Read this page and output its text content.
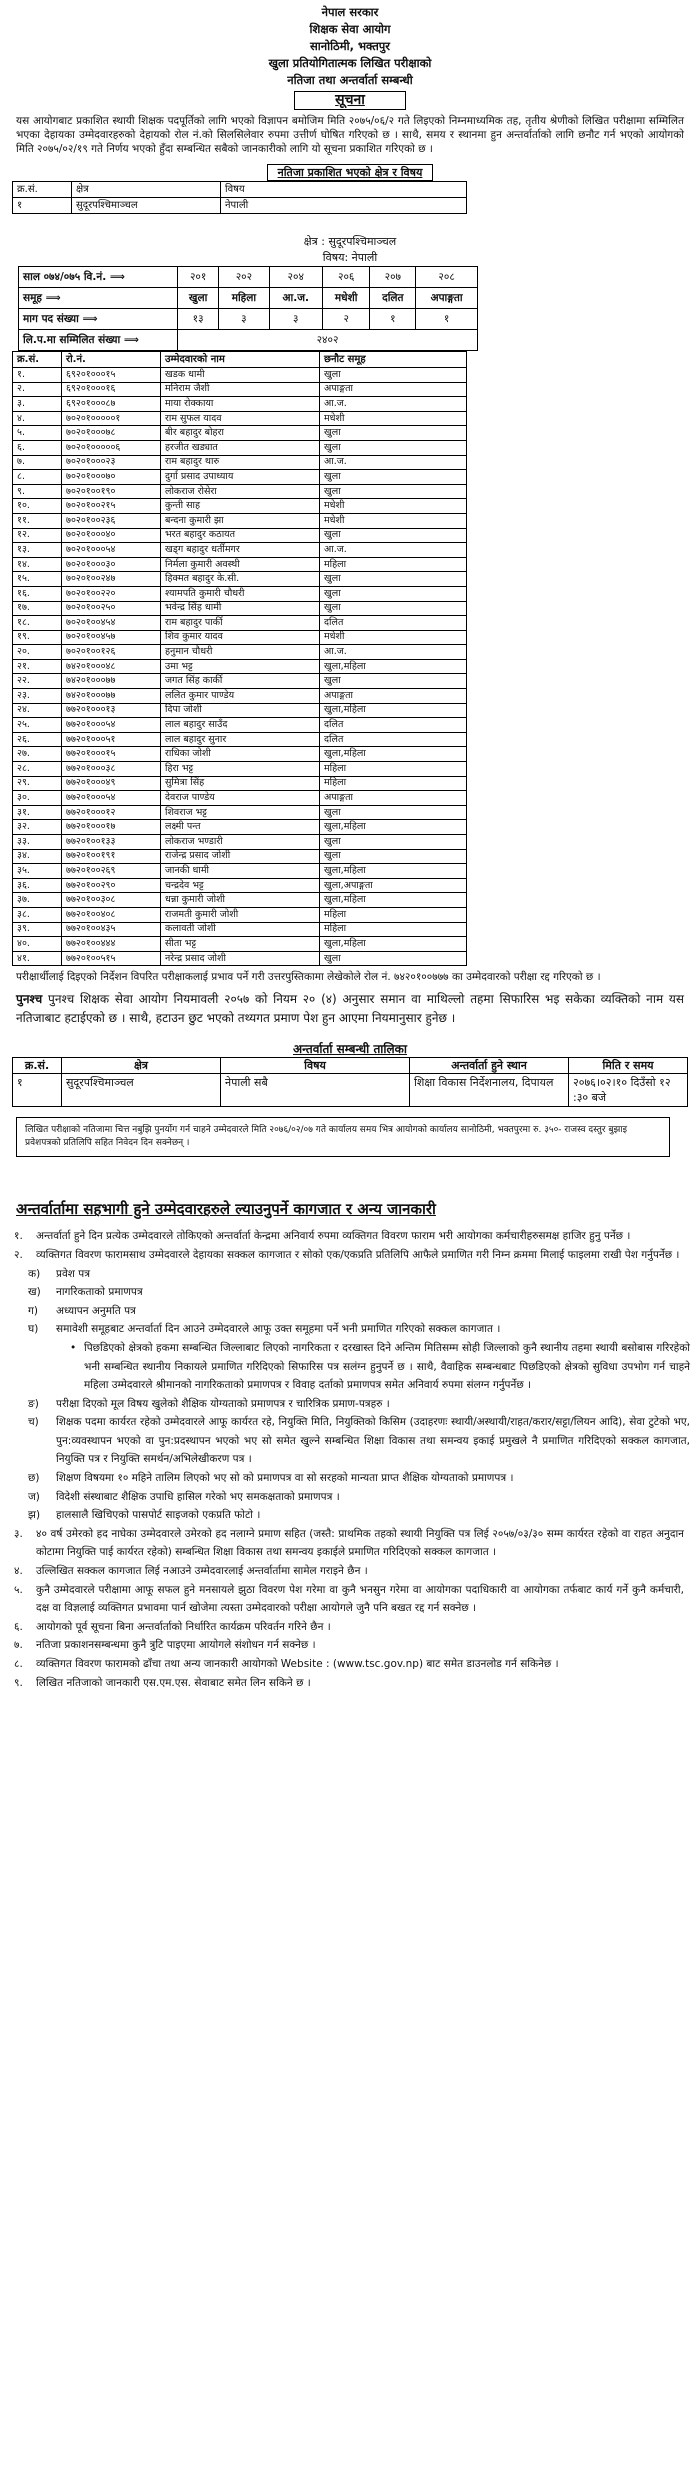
नेपाल सरकार
शिक्षक सेवा आयोग
सानोठिमी, भक्तपुर
खुला प्रतियोगितात्मक लिखित परीक्षाको
नतिजा तथा अन्तर्वार्ता सम्बन्धी
सूचना

यस आयोगबाट प्रकाशित स्थायी शिक्षक पदपूर्तिको लागि भएको विज्ञापन बमोजिम मिति २०७५/०६/२ गते लिइएको निम्नमाध्यमिक तह, तृतीय श्रेणीको लिखित परीक्षामा सम्मिलित भएका देहायका उम्मेदवारहरुको देहायको रोल नं.को सिलसिलेवार रुपमा उत्तीर्ण घोषित गरिएको छ । साथै, समय र स्थानमा हुन अन्तर्वार्ताको लागि छनौट गर्न भएको आयोगको मिति २०७५/०२/१९ गते निर्णय भएको हुँदा सम्बन्धित सबैको जानकारीको लागि यो सूचना प्रकाशित गरिएको छ ।

नतिजा प्रकाशित भएको क्षेत्र र विषय
क्र.सं.	क्षेत्र	विषय
१	सुदूरपश्चिमाञ्चल	नेपाली
क्षेत्र : सुदूरपश्चिमाञ्चल
विषय: नेपाली
साल ०७४/०७५ वि.नं. ⟹	२०१	२०२	२०४	२०६	२०७	२०८
समूह ⟹	खुला	महिला	आ.ज.	मधेशी	दलित	अपाङ्गता
माग पद संख्या ⟹	१३	३	३	२	१	१
लि.प.मा सम्मिलित संख्या ⟹	२४०२					
क्र.सं.	रो.नं.	उम्मेदवारको नाम	छनौट समूह
१.	६९२०१०००१५	खडक धामी	खुला
२.	६९२०१०००१६	मनिराम जैशी	अपाङ्गता
३.	६९२०१०००८७	माया रोक्काया	आ.ज.
४.	७०२०१०००००१	राम सुफल यादव	मधेशी
५.	७०२०१०००७८	बीर बहादुर बोहरा	खुला
६.	७०२०१०००००६	हरजीत खड्यात	खुला
७.	७०२०१०००२३	राम बहादुर थारु	आ.ज.
८.	७०२०१०००७०	दुर्गा प्रसाद उपाध्याय	खुला
९.	७०२०१००१९०	लोकराज रोसेरा	खुला
१०.	७०२०१००२१५	कुन्ती साह	मधेशी
११.	७०२०१००२३६	बन्दना कुमारी झा	मधेशी
१२.	७०२०१०००४०	भरत बहादुर कठायत	खुला
१३.	७०२०१०००५४	खड्ग बहादुर धर्तीमगर	आ.ज.
१४.	७०२०१०००३०	निर्मला कुमारी अवस्थी	महिला
१५.	७०२०१००२४७	हिक्मत बहादुर के.सी.	खुला
१६.	७०२०१००२२०	श्यामपति कुमारी चौधरी	खुला
१७.	७०२०१००२५०	भवेन्द्र सिंह धामी	खुला
१८.	७०२०१००४५४	राम बहादुर पार्की	दलित
१९.	७०२०१००४५७	शिव कुमार यादव	मधेशी
२०.	७०२०१००१२६	हनुमान चौधरी	आ.ज.
२१.	७४२०१०००४८	उमा भट्ट	खुला,महिला
२२.	७४२०१०००७७	जगत सिंह कार्की	खुला
२३.	७४२०१०००७७	ललित कुमार पाण्डेय	अपाङ्गता
२४.	७७२०१०००१३	दिपा जोशी	खुला,महिला
२५.	७७२०१०००५४	लाल बहादुर साउँद	दलित
२६.	७७२०१०००५१	लाल बहादुर सुनार	दलित
२७.	७७२०१०००१५	राधिका जोशी	खुला,महिला
२८.	७७२०१०००३८	हिरा भट्ट	महिला
२९.	७७२०१०००४९	सुमित्रा सिंह	महिला
३०.	७७२०१०००५४	देवराज पाण्डेय	अपाङ्गता
३१.	७७२०१०००१२	शिवराज भट्ट	खुला
३२.	७७२०१०००१७	लक्ष्मी पन्त	खुला,महिला
३३.	७७२०१००१३३	लोकराज भण्डारी	खुला
३४.	७७२०१००१९१	राजेन्द्र प्रसाद जोशी	खुला
३५.	७७२०१००२६९	जानकी धामी	खुला,महिला
३६.	७७२०१००२९०	चन्द्रदेव भट्ट	खुला,अपाङ्गता
३७.	७७२०१००३०८	धन्ना कुमारी जोशी	खुला,महिला
३८.	७७२०१००४०८	राजमती कुमारी जोशी	महिला
३९.	७७२०१००४३५	कलावती जोशी	महिला
४०.	७७२०१००४४४	सीता भट्ट	खुला,महिला
४१.	७७२०१००५१५	नरेन्द्र प्रसाद जोशी	खुला

परीक्षार्थीलाई दिइएको निर्देशन विपरित परीक्षाकलाई प्रभाव पर्ने गरी उत्तरपुस्तिकामा लेखेकोले रोल नं. ७४२०१००७७७ का उम्मेदवारको परीक्षा रद्द गरिएको छ ।

पुनश्च पुनश्च शिक्षक सेवा आयोग नियमावली २०५७ को नियम २० (४) अनुसार समान वा माथिल्लो तहमा सिफारिस भइ सकेका व्यक्तिको नाम यस नतिजाबाट हटाईएको छ । साथै, हटाउन छुट भएको तथ्यगत प्रमाण पेश हुन आएमा नियमानुसार हुनेछ ।

अन्तर्वार्ता सम्बन्धी तालिका
क्र.सं.	क्षेत्र	विषय	अन्तर्वार्ता हुने स्थान	मिति र समय
१	सुदूरपश्चिमाञ्चल	नेपाली सबै	शिक्षा विकास निर्देशनालय, दिपायल	२०७६।०२।१० दिउँसो १२ :३० बजे
लिखित परीक्षाको नतिजामा चित्त नबुझि पुनर्योग गर्न चाहने उम्मेदवारले मिति २०७६/०२/०७ गते कार्यालय समय भित्र आयोगको कार्यालय सानोठिमी, भक्तपुरमा रु. ३५०- राजस्व दस्तुर बुझाइ प्रवेशपत्रको प्रतिलिपि सहित निवेदन दिन सक्नेछन् ।
अन्तर्वार्तामा सहभागी हुने उम्मेदवारहरुले ल्याउनुपर्ने कागजात र अन्य जानकारी
१.	अन्तर्वार्ता हुने दिन प्रत्येक उम्मेदवारले तोकिएको अन्तर्वार्ता केन्द्रमा अनिवार्य रुपमा व्यक्तिगत विवरण फाराम भरी आयोगका कर्मचारीहरुसमक्ष हाजिर हुनु पर्नेछ ।
२.	व्यक्तिगत विवरण फारामसाथ उम्मेदवारले देहायका सक्कल कागजात र सोको एक/एकप्रति प्रतिलिपि आफैले प्रमाणित गरी निम्न क्रममा मिलाई फाइलमा राखी पेश गर्नुपर्नेछ ।
क)	प्रवेश पत्र
ख)	नागरिकताको प्रमाणपत्र
ग)	अध्यापन अनुमति पत्र
घ)	समावेशी समूहबाट अन्तर्वार्ता दिन आउने उम्मेदवारले आफू उक्त समूहमा पर्ने भनी प्रमाणित गरिएको सक्कल कागजात ।
• पिछडिएको क्षेत्रको हकमा सम्बन्धित जिल्लाबाट लिएको नागरिकता र दरखास्त दिने अन्तिम मितिसम्म सोही जिल्लाको कुनै स्थानीय तहमा स्थायी बसोबास गरिरहेको भनी सम्बन्धित स्थानीय निकायले प्रमाणित गरिदिएको सिफारिस पत्र सलंग्न हुनुपर्ने छ । साथै, वैवाहिक सम्बन्धबाट पिछडिएको क्षेत्रको सुविधा उपभोग गर्न चाहने महिला उम्मेदवारले श्रीमानको नागरिकताको प्रमाणपत्र र विवाह दर्ताको प्रमाणपत्र समेत अनिवार्य रुपमा संलग्न गर्नुपर्नेछ ।
ङ)	परीक्षा दिएको मूल विषय खुलेको शैक्षिक योग्यताको प्रमाणपत्र र चारित्रिक प्रमाण-पत्रहरु ।
च)	शिक्षक पदमा कार्यरत रहेको उम्मेदवारले आफू कार्यरत रहे, नियुक्ति मिति, नियुक्तिको किसिम (उदाहरणः स्थायी/अस्थायी/राहत/करार/सट्टा/लियन आदि), सेवा टुटेको भए, पुन:व्यवस्थापन भएको वा पुन:प्रदस्थापन भएको भए सो समेत खुल्ने सम्बन्धित शिक्षा विकास तथा समन्वय इकाई प्रमुखले नै प्रमाणित गरिदिएको सक्कल कागजात, नियुक्ति पत्र र नियुक्ति समर्थन/अभिलेखीकरण पत्र ।
छ)	शिक्षण विषयमा १० महिने तालिम लिएको भए सो को प्रमाणपत्र वा सो सरहको मान्यता प्राप्त शैक्षिक योग्यताको प्रमाणपत्र ।
ज)	विदेशी संस्थाबाट शैक्षिक उपाधि हासिल गरेको भए समकक्षताको प्रमाणपत्र ।
झ)	हालसालै खिचिएको पासपोर्ट साइजको एकप्रति फोटो ।
३.	४० वर्ष उमेरको हद नाघेका उम्मेदवारले उमेरको हद नलाग्ने प्रमाण सहित (जस्तै: प्राथमिक तहको स्थायी नियुक्ति पत्र लिई २०५७/०३/३० सम्म कार्यरत रहेको वा राहत अनुदान कोटामा नियुक्ति पाई कार्यरत रहेको) सम्बन्धित शिक्षा विकास तथा समन्वय इकाईले प्रमाणित गरिदिएको सक्कल कागजात ।
४.	उल्लिखित सक्कल कागजात लिई नआउने उम्मेदवारलाई अन्तर्वार्तामा सामेल गराइने छैन ।
५.	कुनै उम्मेदवारले परीक्षामा आफू सफल हुने मनसायले झुठा विवरण पेश गरेमा वा कुनै भनसुन गरेमा वा आयोगका पदाधिकारी वा आयोगका तर्फबाट कार्य गर्ने कुनै कर्मचारी, दक्ष वा विज्ञलाई व्यक्तिगत प्रभावमा पार्न खोजेमा त्यस्ता उम्मेदवारको परीक्षा आयोगले जुनै पनि बखत रद्द गर्न सक्नेछ ।
६.	आयोगको पूर्व सूचना बिना अन्तर्वार्ताको निर्धारित कार्यक्रम परिवर्तन गरिने छैन ।
७.	नतिजा प्रकाशनसम्बन्धमा कुनै त्रुटि पाइएमा आयोगले संशोधन गर्न सक्नेछ ।
८.	व्यक्तिगत विवरण फारामको ढाँचा तथा अन्य जानकारी आयोगको Website : (www.tsc.gov.np) बाट समेत डाउनलोड गर्न सकिनेछ ।
९.	लिखित नतिजाको जानकारी एस.एम.एस. सेवाबाट समेत लिन सकिने छ ।
